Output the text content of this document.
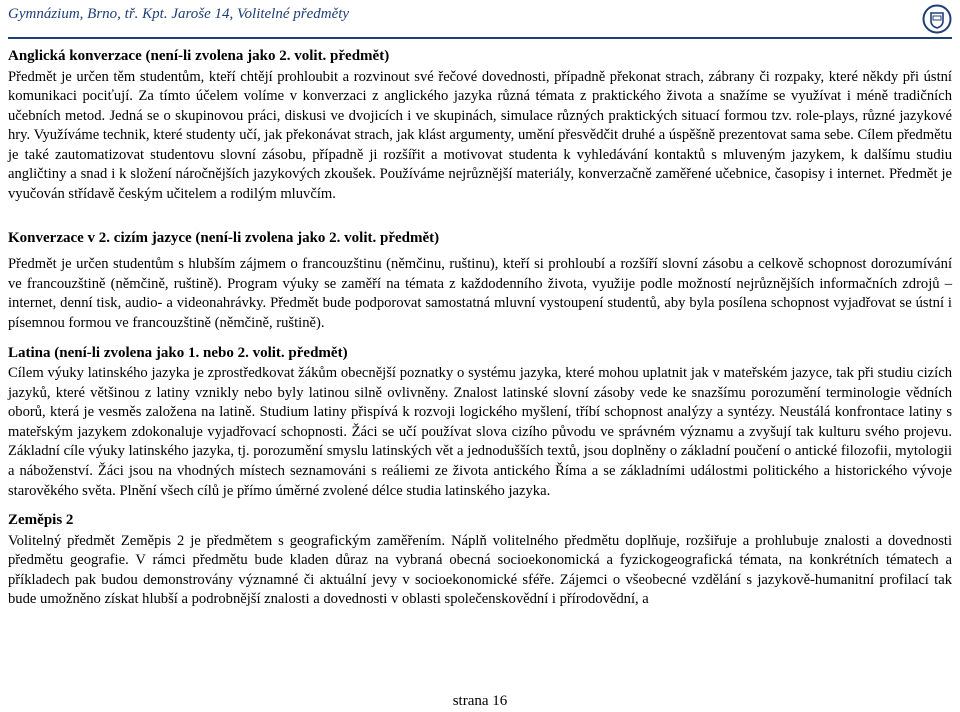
Gymnázium, Brno, tř. Kpt. Jaroše 14, Volitelné předměty
Anglická konverzace (není-li zvolena jako 2. volit. předmět)

Předmět je určen těm studentům, kteří chtějí prohloubit a rozvinout své řečové dovednosti, případně překonat strach, zábrany či rozpaky, které někdy při ústní komunikaci pociťují. Za tímto účelem volíme v konverzaci z anglického jazyka různá témata z praktického života a snažíme se využívat i méně tradičních učebních metod. Jedná se o skupinovou práci, diskusi ve dvojicích i ve skupinách, simulace různých praktických situací formou tzv. role-plays, různé jazykové hry. Využíváme technik, které studenty učí, jak překonávat strach, jak klást argumenty, umění přesvědčit druhé a úspěšně prezentovat sama sebe. Cílem předmětu je také zautomatizovat studentovu slovní zásobu, případně ji rozšířit a motivovat studenta k vyhledávání kontaktů s mluveným jazykem, k dalšímu studiu angličtiny a snad i k složení náročnějších jazykových zkoušek. Používáme nejrůznější materiály, konverzačně zaměřené učebnice, časopisy i internet. Předmět je vyučován střídavě českým učitelem a rodilým mluvčím.

Konverzace v 2. cizím jazyce (není-li zvolena jako 2. volit. předmět)

Předmět je určen studentům s hlubším zájmem o francouzštinu (němčinu, ruštinu), kteří si prohloubí a rozšíří slovní zásobu a celkově schopnost dorozumívání ve francouzštině (němčině, ruštině). Program výuky se zaměří na témata z každodenního života, využije podle možností nejrůznějších informačních zdrojů – internet, denní tisk, audio- a videonahrávky. Předmět bude podporovat samostatná mluvní vystoupení studentů, aby byla posílena schopnost vyjadřovat se ústní i písemnou formou ve francouzštině (němčině, ruštině).

Latina (není-li zvolena jako 1. nebo 2. volit. předmět)

Cílem výuky latinského jazyka je zprostředkovat žákům obecnější poznatky o systému jazyka, které mohou uplatnit jak v mateřském jazyce, tak při studiu cizích jazyků, které většinou z latiny vznikly nebo byly latinou silně ovlivněny. Znalost latinské slovní zásoby vede ke snazšímu porozumění terminologie vědních oborů, která je vesměs založena na latině. Studium latiny přispívá k rozvoji logického myšlení, tříbí schopnost analýzy a syntézy. Neustálá konfrontace latiny s mateřským jazykem zdokonaluje vyjadřovací schopnosti. Žáci se učí používat slova cizího původu ve správném významu a zvyšují tak kulturu svého projevu. Základní cíle výuky latinského jazyka, tj. porozumění smyslu latinských vět a jednodušších textů, jsou doplněny o základní poučení o antické filozofii, mytologii a náboženství. Žáci jsou na vhodných místech seznamováni s reáliemi ze života antického Říma a se základními událostmi politického a historického vývoje starověkého světa. Plnění všech cílů je přímo úměrné zvolené délce studia latinského jazyka.

Zeměpis 2

Volitelný předmět Zeměpis 2 je předmětem s geografickým zaměřením. Náplň volitelného předmětu doplňuje, rozšiřuje a prohlubuje znalosti a dovednosti předmětu geografie. V rámci předmětu bude kladen důraz na vybraná obecná socioekonomická a fyzickogeografická témata, na konkrétních tématech a příkladech pak budou demonstrovány významné či aktuální jevy v socioekonomické sféře. Zájemci o všeobecné vzdělání s jazykově-humanitní profilací tak bude umožněno získat hlubší a podrobnější znalosti a dovednosti v oblasti společenskovědní i přírodovědní, a

strana 16
